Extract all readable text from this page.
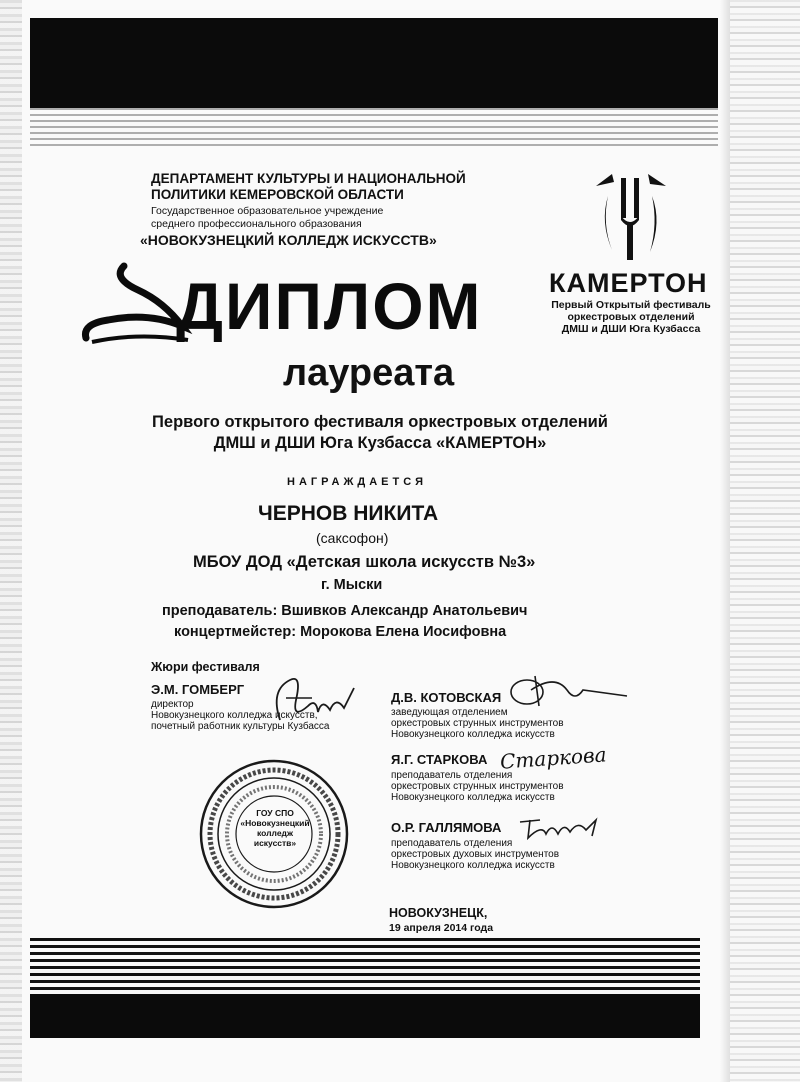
ДЕПАРТАМЕНТ КУЛЬТУРЫ И НАЦИОНАЛЬНОЙ
ПОЛИТИКИ КЕМЕРОВСКОЙ ОБЛАСТИ
Государственное образовательное учреждение
среднего профессионального образования
«НОВОКУЗНЕЦКИЙ КОЛЛЕДЖ ИСКУССТВ»
КАМЕРТОН
Первый Открытый фестиваль
оркестровых отделений
ДМШ и ДШИ Юга Кузбасса
ДИПЛОМ
лауреата
Первого открытого фестиваля оркестровых отделений
ДМШ и ДШИ Юга Кузбасса «КАМЕРТОН»
НАГРАЖДАЕТСЯ
ЧЕРНОВ НИКИТА
(саксофон)
МБОУ ДОД «Детская школа искусств №3»
г. Мыски
преподаватель: Вшивков Александр Анатольевич
концертмейстер: Морокова Елена Иосифовна
Жюри фестиваля
Э.М. ГОМБЕРГ
директор
Новокузнецкого колледжа искусств,
почетный работник культуры Кузбасса
Д.В. КОТОВСКАЯ
заведующая отделением
оркестровых струнных инструментов
Новокузнецкого колледжа искусств
Я.Г. СТАРКОВА
преподаватель отделения
оркестровых струнных инструментов
Новокузнецкого колледжа искусств
Старкова
О.Р. ГАЛЛЯМОВА
преподаватель отделения
оркестровых духовых инструментов
Новокузнецкого колледжа искусств
ГОУ СПО
«Новокузнецкий
колледж
искусств»
НОВОКУЗНЕЦК,
19 апреля 2014 года
